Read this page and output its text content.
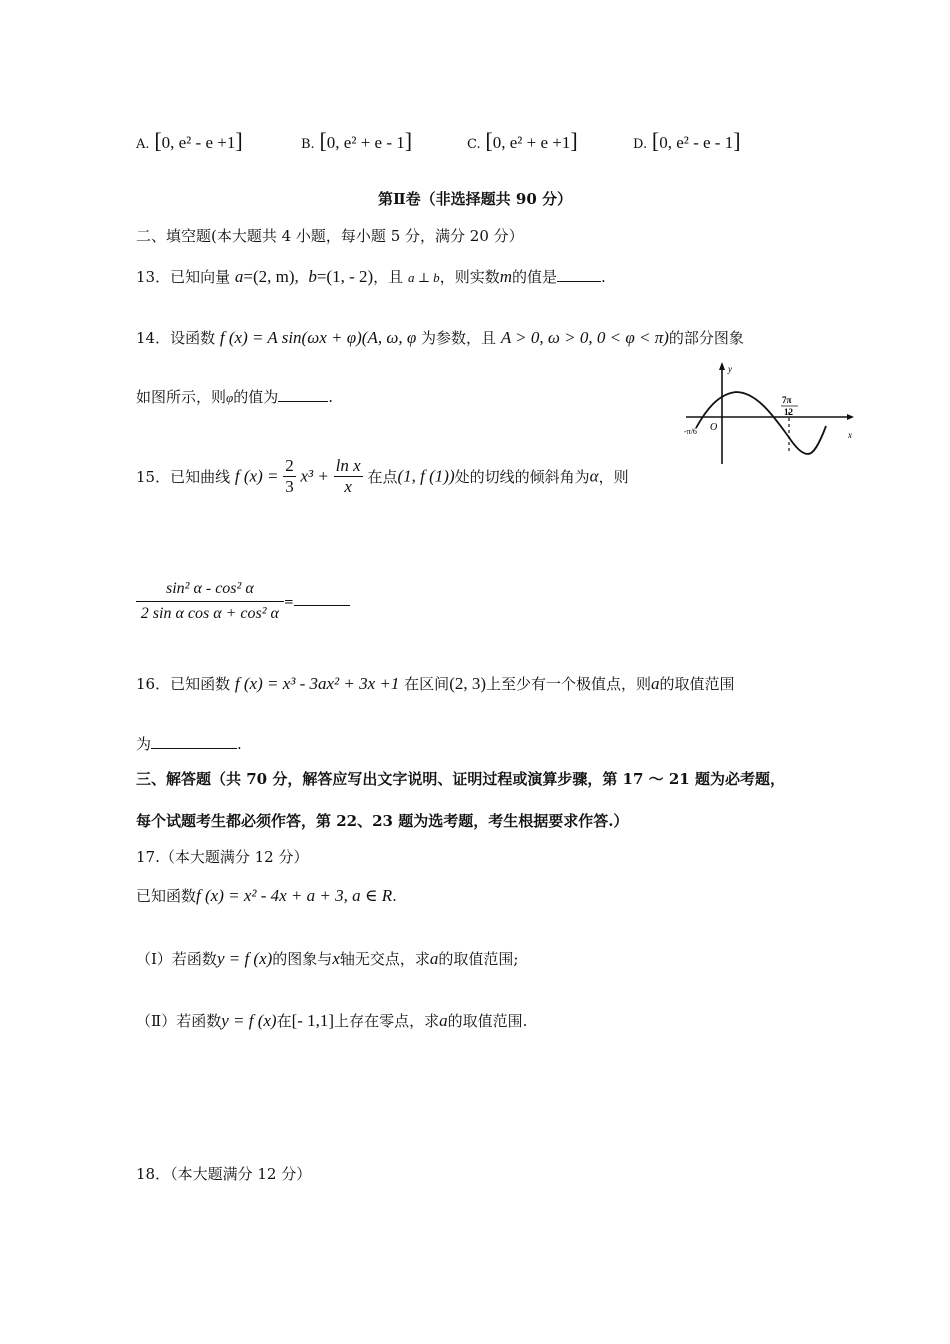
A. [0, e² - e +1]	B. [0, e² + e - 1]	C. [0, e² + e +1]	D. [0, e² - e - 1]
第Ⅱ卷（非选择题共 90 分）
二、填空题(本大题共 4 小题，每小题 5 分，满分 20 分）
13．已知向量 a=(2, m), b=(1, - 2)，且 a ⊥ b，则实数m的值是	.
14．设函数 f (x) = A sin(ωx + φ)(A, ω, φ 为参数，且 A > 0, ω > 0, 0 < φ < π)的部分图象
如图所示，则φ的值为	.
y
x
O
-π/6
7π
12
15．已知曲线 f $(x) = \frac{2}{3} x^3 + \frac{\text{ln x}}{x}$ 在点(1, f (1))处的切线的倾斜角为α，则
$\frac{\text{sin² α - cos² α}}{\text{2 sin α cos α + cos² α}}$ =
16．已知函数 f (x) = x³ - 3ax² + 3x +1 在区间(2, 3)上至少有一个极值点，则a的取值范围
为	.
三、解答题（共 70 分，解答应写出文字说明、证明过程或演算步骤，第 17 ～ 21 题为必考题，
每个试题考生都必须作答，第 22、23 题为选考题，考生根据要求作答.）
17.（本大题满分 12 分）
已知函数f (x) = x² - 4x + a + 3, a ∈ R.
（Ⅰ）若函数y = f (x)的图象与x轴无交点，求a的取值范围;
（Ⅱ）若函数y = f (x)在[- 1,1]上存在零点，求a的取值范围.
18．（本大题满分 12 分）
